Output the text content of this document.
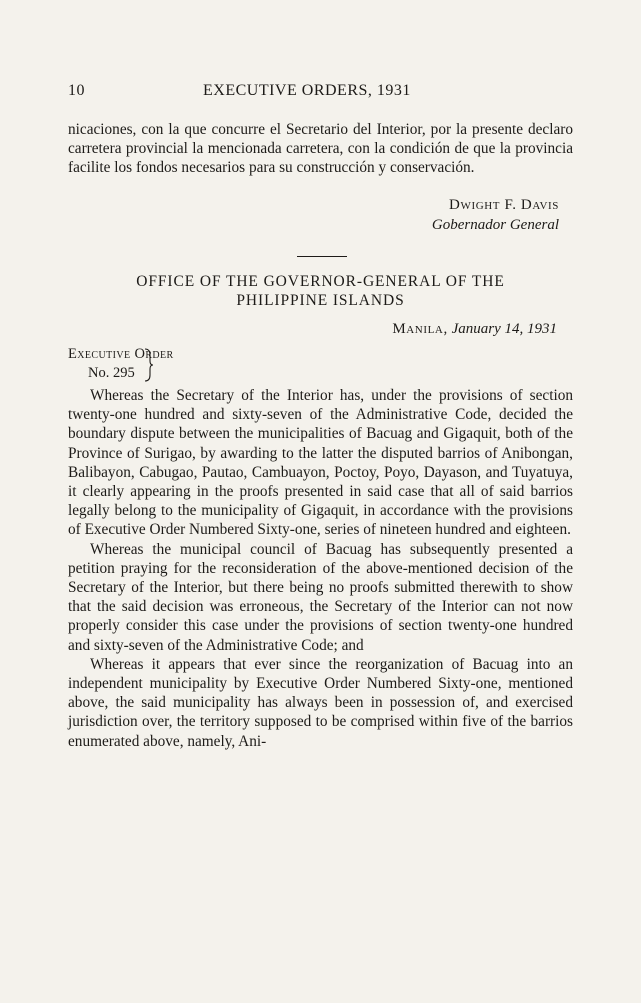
10	EXECUTIVE ORDERS, 1931

nicaciones, con la que concurre el Secretario del Interior, por la presente declaro carretera provincial la mencionada carretera, con la condición de que la provincia facilite los fondos necesarios para su construcción y conservación.

Dwight F. Davis
Gobernador General
OFFICE OF THE GOVERNOR-GENERAL OF THE
PHILIPPINE ISLANDS
Manila, January 14, 1931
Executive Order
No. 295

Whereas the Secretary of the Interior has, under the provisions of section twenty-one hundred and sixty-seven of the Administrative Code, decided the boundary dispute between the municipalities of Bacuag and Gigaquit, both of the Province of Surigao, by awarding to the latter the disputed barrios of Anibongan, Balibayon, Cabugao, Pautao, Cambuayon, Poctoy, Poyo, Dayason, and Tuyatuya, it clearly appearing in the proofs presented in said case that all of said barrios legally belong to the municipality of Gigaquit, in accordance with the provisions of Executive Order Numbered Sixty-one, series of nineteen hundred and eighteen.

Whereas the municipal council of Bacuag has subsequently presented a petition praying for the reconsideration of the above-mentioned decision of the Secretary of the Interior, but there being no proofs submitted therewith to show that the said decision was erroneous, the Secretary of the Interior can not now properly consider this case under the provisions of section twenty-one hundred and sixty-seven of the Administrative Code; and

Whereas it appears that ever since the reorganization of Bacuag into an independent municipality by Executive Order Numbered Sixty-one, mentioned above, the said municipality has always been in possession of, and exercised jurisdiction over, the territory supposed to be comprised within five of the barrios enumerated above, namely, Ani-
